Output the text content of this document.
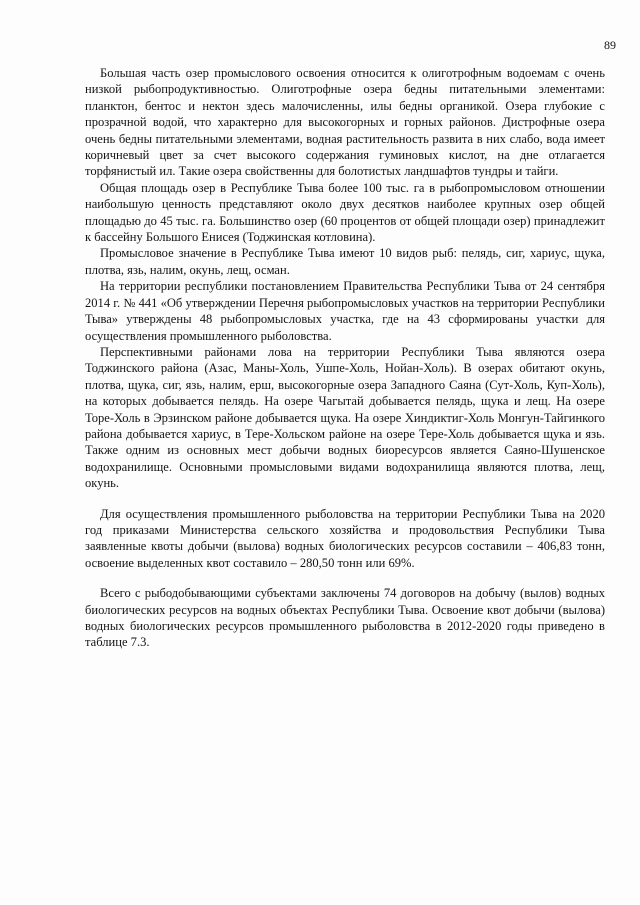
89

Большая часть озер промыслового освоения относится к олиготрофным водоемам с очень низкой рыбопродуктивностью. Олиготрофные озера бедны питательными элементами: планктон, бентос и нектон здесь малочисленны, илы бедны органикой. Озера глубокие с прозрачной водой, что характерно для высокогорных и горных районов. Дистрофные озера очень бедны питательными элементами, водная растительность развита в них слабо, вода имеет коричневый цвет за счет высокого содержания гуминовых кислот, на дне отлагается торфянистый ил. Такие озера свойственны для болотистых ландшафтов тундры и тайги.

Общая площадь озер в Республике Тыва более 100 тыс. га в рыбопромысловом отношении наибольшую ценность представляют около двух десятков наиболее крупных озер общей площадью до 45 тыс. га. Большинство озер (60 процентов от общей площади озер) принадлежит к бассейну Большого Енисея (Тоджинская котловина).

Промысловое значение в Республике Тыва имеют 10 видов рыб: пелядь, сиг, хариус, щука, плотва, язь, налим, окунь, лещ, осман.

На территории республики постановлением Правительства Республики Тыва от 24 сентября 2014 г. № 441 «Об утверждении Перечня рыбопромысловых участков на территории Республики Тыва» утверждены 48 рыбопромысловых участка, где на 43 сформированы участки для осуществления промышленного рыболовства.

Перспективными районами лова на территории Республики Тыва являются озера Тоджинского района (Азас, Маны-Холь, Ушпе-Холь, Нойан-Холь). В озерах обитают окунь, плотва, щука, сиг, язь, налим, ерш, высокогорные озера Западного Саяна (Сут-Холь, Куп-Холь), на которых добывается пелядь. На озере Чагытай добывается пелядь, щука и лещ. На озере Торе-Холь в Эрзинском районе добывается щука. На озере Хиндиктиг-Холь Монгун-Тайгинкого района добывается хариус, в Тере-Хольском районе на озере Тере-Холь добывается щука и язь. Также одним из основных мест добычи водных биоресурсов является Саяно-Шушенское водохранилище. Основными промысловыми видами водохранилища являются плотва, лещ, окунь.

Для осуществления промышленного рыболовства на территории Республики Тыва на 2020 год приказами Министерства сельского хозяйства и продовольствия Республики Тыва заявленные квоты добычи (вылова) водных биологических ресурсов составили – 406,83 тонн, освоение выделенных квот составило – 280,50 тонн или 69%.

Всего с рыбодобывающими субъектами заключены 74 договоров на добычу (вылов) водных биологических ресурсов на водных объектах Республики Тыва. Освоение квот добычи (вылова) водных биологических ресурсов промышленного рыболовства в 2012-2020 годы приведено в таблице 7.3.
